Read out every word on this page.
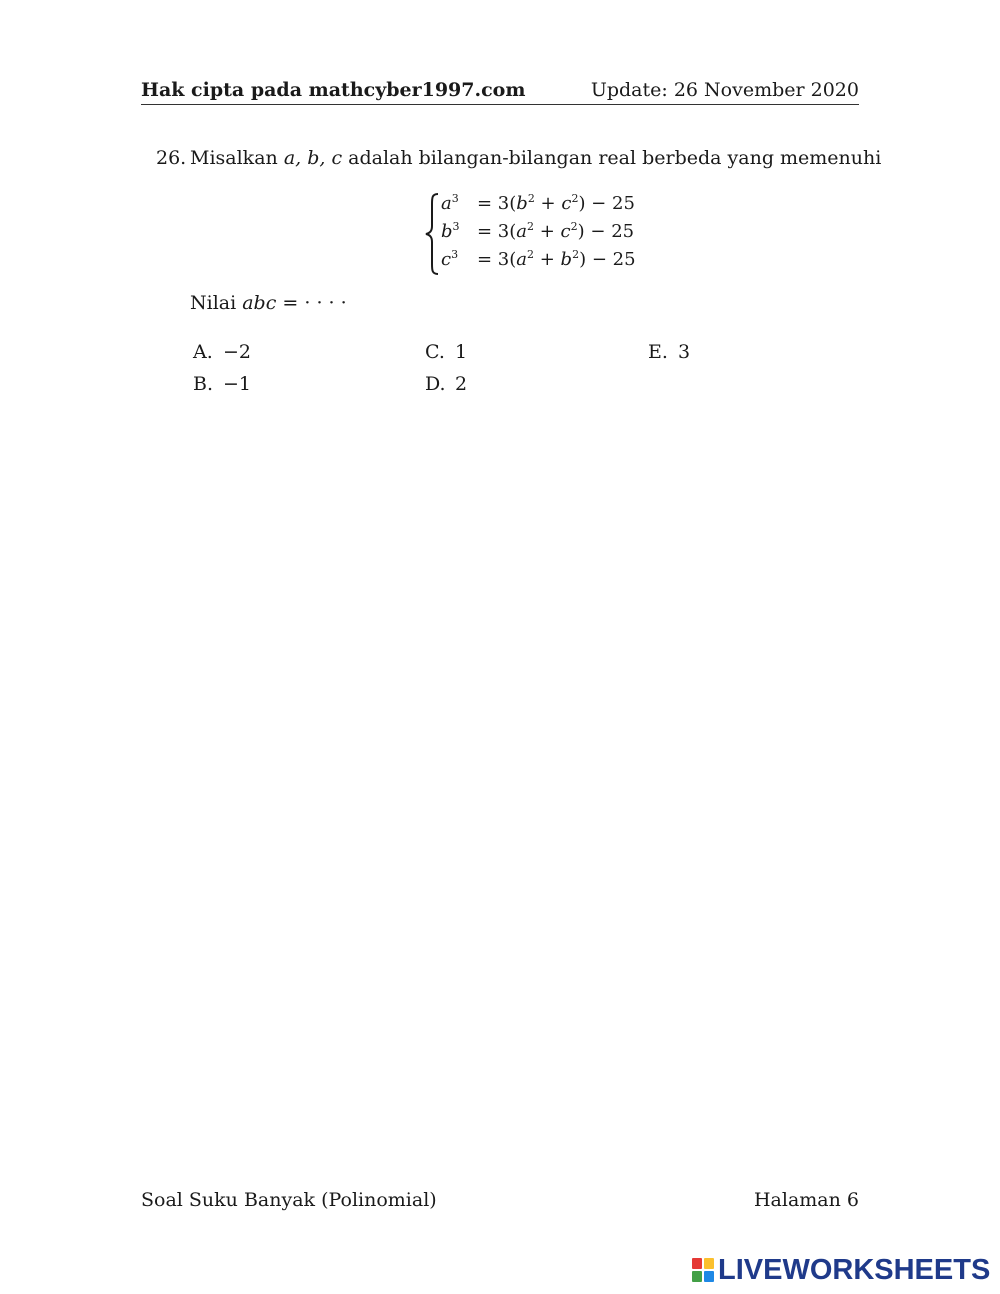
Hak cipta pada mathcyber1997.com	Update: 26 November 2020
26. Misalkan a, b, c adalah bilangan-bilangan real berbeda yang memenuhi
$a^3 = 3(b^2 + c^2) - 25$
$b^3 = 3(a^2 + c^2) - 25$
$c^3 = 3(a^2 + b^2) - 25$
Nilai abc = · · · ·
A. −2
B. −1
C. 1
D. 2
E. 3
Soal Suku Banyak (Polinomial)	Halaman 6
LIVEWORKSHEETS
